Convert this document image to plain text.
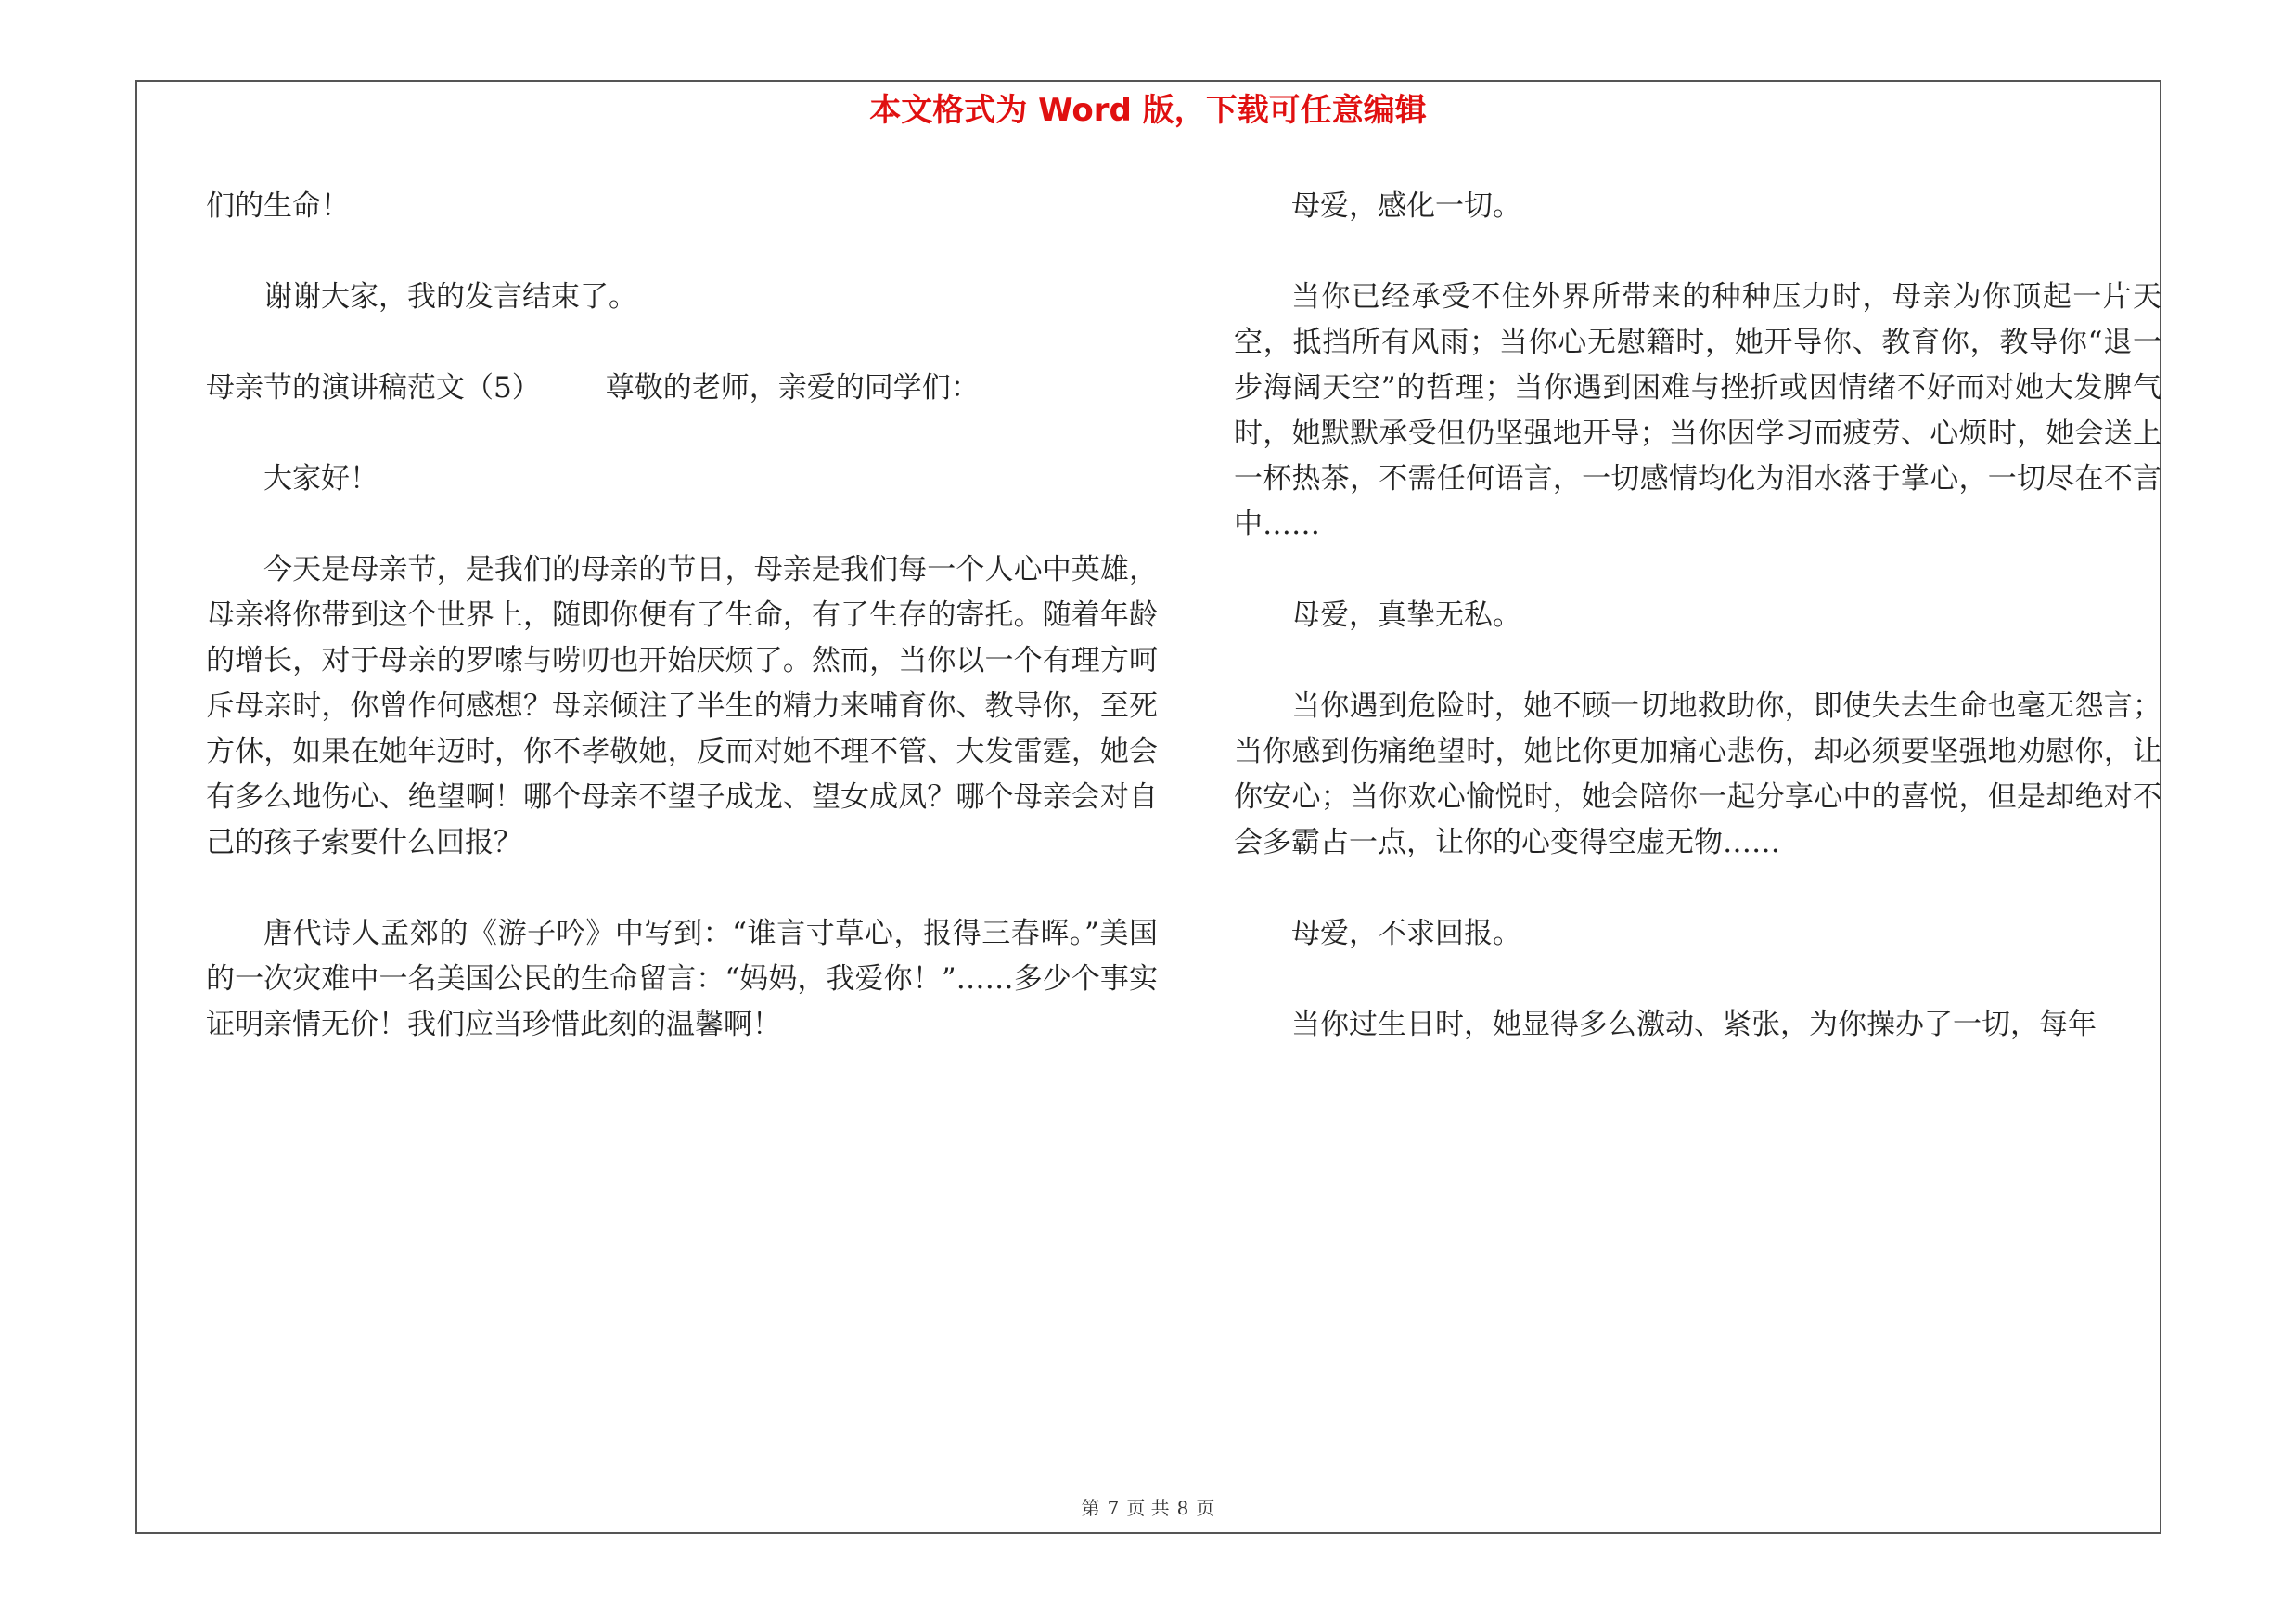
本文格式为 Word 版，下载可任意编辑

们的生命！

谢谢大家，我的发言结束了。

母亲节的演讲稿范文（5） 尊敬的老师，亲爱的同学们：

大家好！

今天是母亲节，是我们的母亲的节日，母亲是我们每一个人心中英雄，母亲将你带到这个世界上，随即你便有了生命，有了生存的寄托。随着年龄的增长，对于母亲的罗嗦与唠叨也开始厌烦了。然而，当你以一个有理方呵斥母亲时，你曾作何感想？母亲倾注了半生的精力来哺育你、教导你，至死方休，如果在她年迈时，你不孝敬她，反而对她不理不管、大发雷霆，她会有多么地伤心、绝望啊！哪个母亲不望子成龙、望女成凤？哪个母亲会对自己的孩子索要什么回报？

唐代诗人孟郊的《游子吟》中写到：“谁言寸草心，报得三春晖。”美国的一次灾难中一名美国公民的生命留言：“妈妈，我爱你！”……多少个事实证明亲情无价！我们应当珍惜此刻的温馨啊！

母爱，感化一切。

当你已经承受不住外界所带来的种种压力时，母亲为你顶起一片天空，抵挡所有风雨；当你心无慰籍时，她开导你、教育你，教导你“退一步海阔天空”的哲理；当你遇到困难与挫折或因情绪不好而对她大发脾气时，她默默承受但仍坚强地开导；当你因学习而疲劳、心烦时，她会送上一杯热茶，不需任何语言，一切感情均化为泪水落于掌心，一切尽在不言中……

母爱，真挚无私。

当你遇到危险时，她不顾一切地救助你，即使失去生命也毫无怨言；当你感到伤痛绝望时，她比你更加痛心悲伤，却必须要坚强地劝慰你，让你安心；当你欢心愉悦时，她会陪你一起分享心中的喜悦，但是却绝对不会多霸占一点，让你的心变得空虚无物……

母爱，不求回报。

当你过生日时，她显得多么激动、紧张，为你操办了一切，每年

第 7 页 共 8 页
